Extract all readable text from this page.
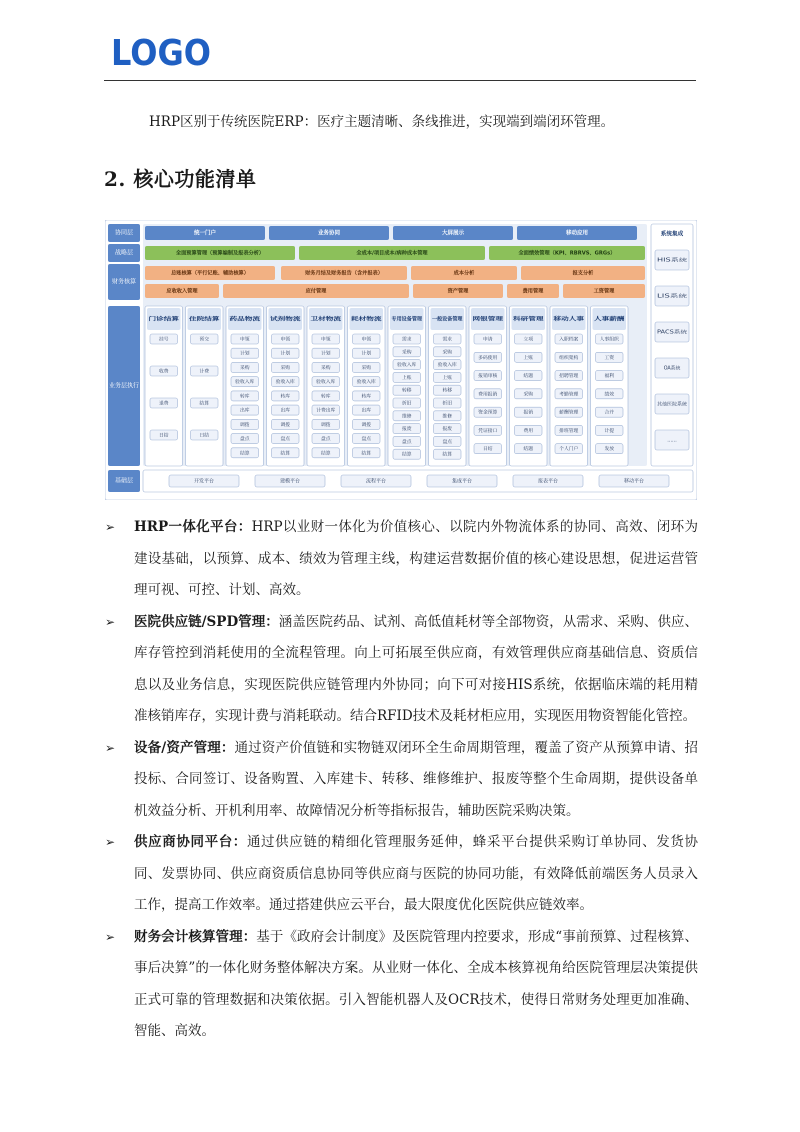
LOGO
HRP区别于传统医院ERP：医疗主题清晰、条线推进，实现端到端闭环管理。
2. 核心功能清单
协同层
战略层
财务核算
业务层执行
基础层
统一门户	业务协同	大屏展示	移动应用
全面预算管理（预算编制及报表分析）	全成本/项目成本/病种成本管理	全面绩效管理（KPI、RBRVS、GRGs）
总账核算（平行记账、辅助核算）	财务月结及财务报告（含并报表）	成本分析	报支分析
应收收入管理	应付管理	资产管理	费用管理	工资管理
门诊结算
挂号
收费
退费
日结
住院结算
预交
计费
结算
日结
药品物流
申领
计划
采购
验收入库
转库
出库
调拨
盘点
结算
试剂物流
申领
计划
采购
验收入库
转库
出库
调拨
盘点
结算
卫材物流
申领
计划
采购
验收入库
转库
计费出库
调拨
盘点
结算
耗材物流
申领
计划
采购
验收入库
转库
出库
调拨
盘点
结算
专用设备管理
需求
采购
验收入库
上账
转移
折旧
维修
报废
盘点
结算
一般设备管理
需求
采购
验收入库
上账
转移
折旧
维修
报废
盘点
结算
网银管理
申请
多码使用
报销审核
费用报销
资金预算
凭证接口
日结
科研管理
立项
上账
结题
采购
报销
费用
结题
移动人事
入职档案
组织架构
招聘管理
考勤管理
薪酬管理
排班管理
个人门户
人事薪酬
人事组织
工资
福利
绩效
合并
计提
发放
系统集成
HIS系统
LIS系统
PACS系统
OA系统
其他医院系统
……
开发平台	建模平台	流程平台	集成平台	报表平台	移动平台
➢ HRP一体化平台：HRP以业财一体化为价值核心、以院内外物流体系的协同、高效、闭环为建设基础，以预算、成本、绩效为管理主线，构建运营数据价值的核心建设思想，促进运营管理可视、可控、计划、高效。
➢ 医院供应链/SPD管理：涵盖医院药品、试剂、高低值耗材等全部物资，从需求、采购、供应、库存管控到消耗使用的全流程管理。向上可拓展至供应商，有效管理供应商基础信息、资质信息以及业务信息，实现医院供应链管理内外协同；向下可对接HIS系统，依据临床端的耗用精准核销库存，实现计费与消耗联动。结合RFID技术及耗材柜应用，实现医用物资智能化管控。
➢ 设备/资产管理：通过资产价值链和实物链双闭环全生命周期管理，覆盖了资产从预算申请、招投标、合同签订、设备购置、入库建卡、转移、维修维护、报废等整个生命周期，提供设备单机效益分析、开机利用率、故障情况分析等指标报告，辅助医院采购决策。
➢ 供应商协同平台：通过供应链的精细化管理服务延伸，蜂采平台提供采购订单协同、发货协同、发票协同、供应商资质信息协同等供应商与医院的协同功能，有效降低前端医务人员录入工作，提高工作效率。通过搭建供应云平台，最大限度优化医院供应链效率。
➢ 财务会计核算管理：基于《政府会计制度》及医院管理内控要求，形成“事前预算、过程核算、事后决算”的一体化财务整体解决方案。从业财一体化、全成本核算视角给医院管理层决策提供正式可靠的管理数据和决策依据。引入智能机器人及OCR技术，使得日常财务处理更加准确、智能、高效。
